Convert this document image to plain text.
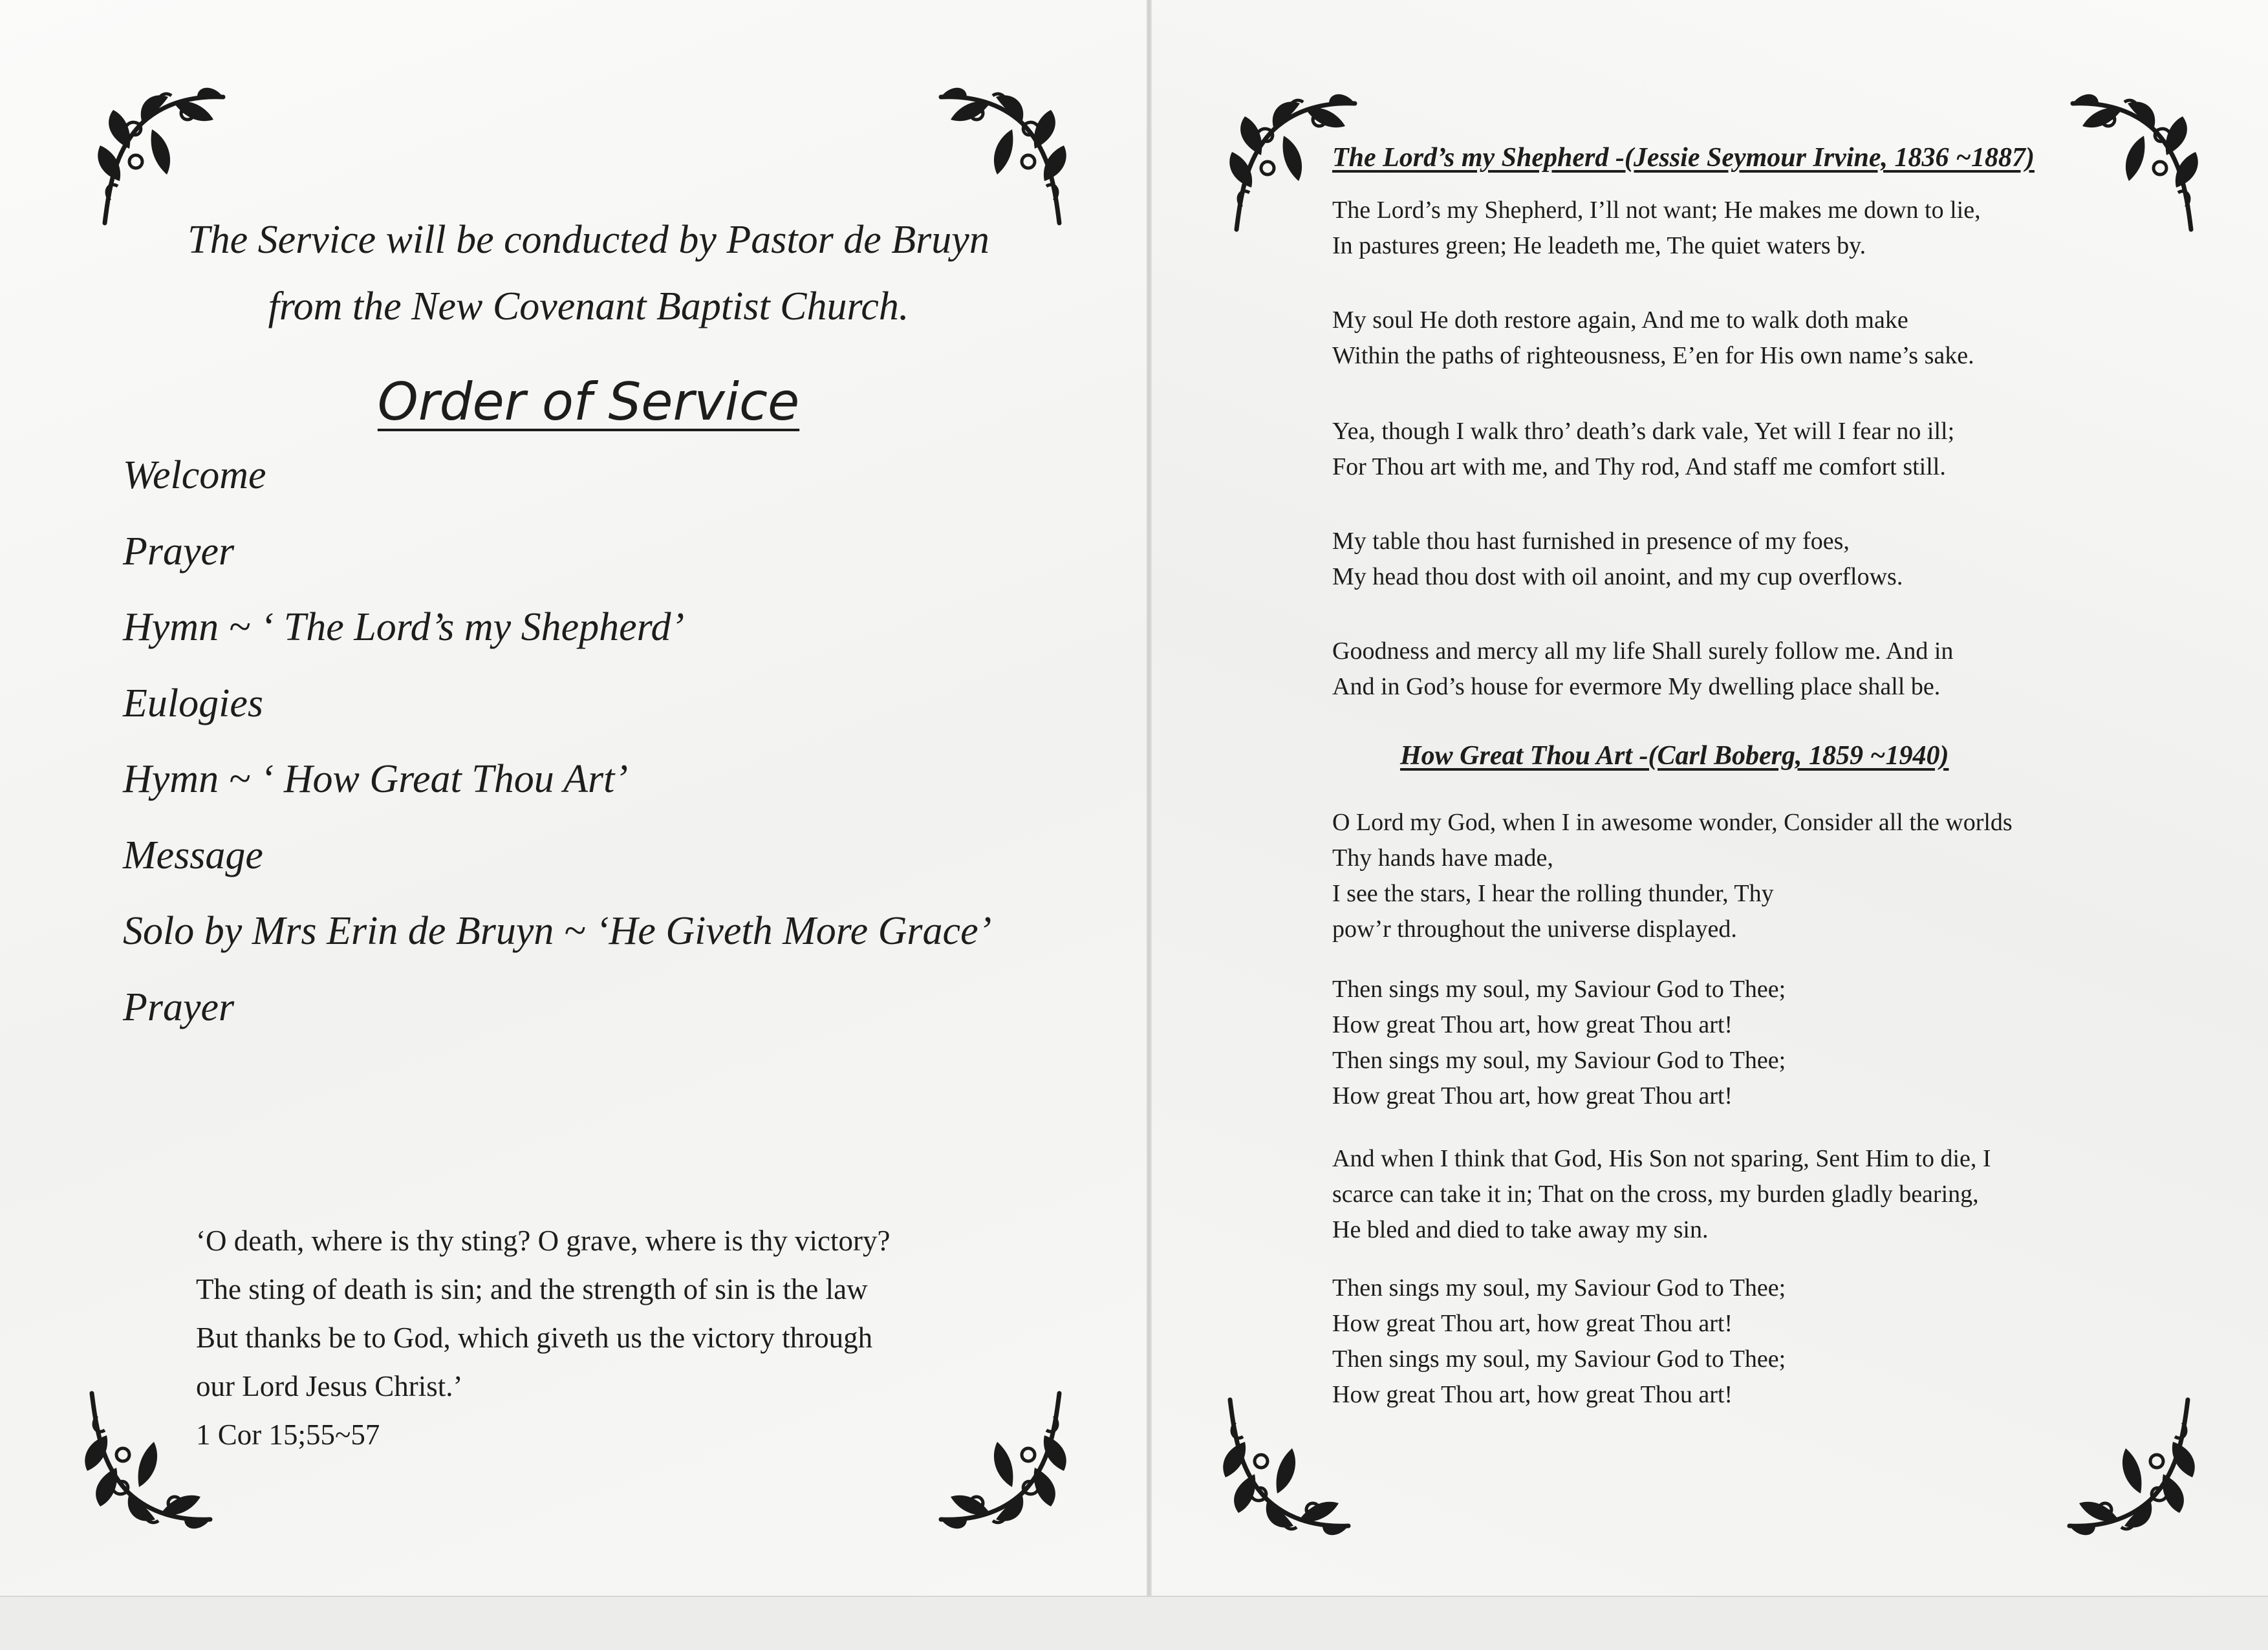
The Service will be conducted by Pastor de Bruyn
from the New Covenant Baptist Church.
Order of Service
Welcome
Prayer
Hymn ~ ‘ The Lord’s my Shepherd’
Eulogies
Hymn ~ ‘ How Great Thou Art’
Message
Solo by Mrs Erin de Bruyn ~ ‘He Giveth More Grace’
Prayer
‘O death, where is thy sting? O grave, where is thy victory?
The sting of death is sin; and the strength of sin is the law
But thanks be to God, which giveth us the victory through
our Lord Jesus Christ.’
1 Cor 15;55~57
The Lord’s my Shepherd -(Jessie Seymour Irvine, 1836 ~1887)
The Lord’s my Shepherd, I’ll not want; He makes me down to lie,
In pastures green; He leadeth me, The quiet waters by.
My soul He doth restore again, And me to walk doth make
Within the paths of righteousness, E’en for His own name’s sake.
Yea, though I walk thro’ death’s dark vale, Yet will I fear no ill;
For Thou art with me, and Thy rod, And staff me comfort still.
My table thou hast furnished in presence of my foes,
My head thou dost with oil anoint, and my cup overflows.
Goodness and mercy all my life Shall surely follow me. And in
And in God’s house for evermore My dwelling place shall be.
How Great Thou Art -(Carl Boberg, 1859 ~1940)
O Lord my God, when I in awesome wonder, Consider all the worlds
Thy hands have made,
I see the stars, I hear the rolling thunder, Thy
pow’r throughout the universe displayed.
Then sings my soul, my Saviour God to Thee;
How great Thou art, how great Thou art!
Then sings my soul, my Saviour God to Thee;
How great Thou art, how great Thou art!
And when I think that God, His Son not sparing, Sent Him to die, I
scarce can take it in; That on the cross, my burden gladly bearing,
He bled and died to take away my sin.
Then sings my soul, my Saviour God to Thee;
How great Thou art, how great Thou art!
Then sings my soul, my Saviour God to Thee;
How great Thou art, how great Thou art!
